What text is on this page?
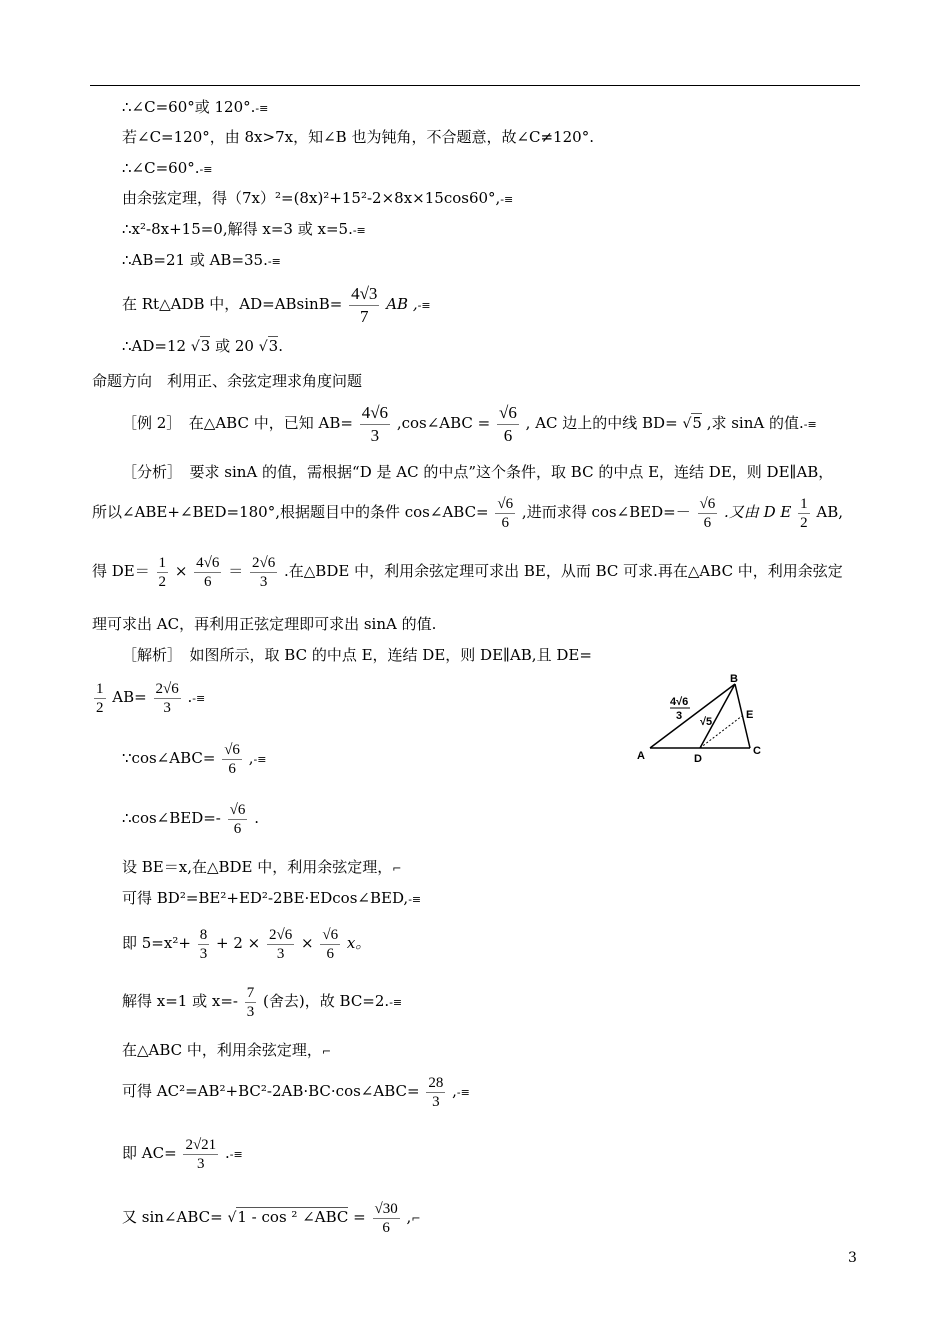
∴∠C=60°或 120°.-≡
若∠C=120°，由 8x>7x，知∠B 也为钝角，不合题意，故∠C≠120°.
∴∠C=60°.-≡
由余弦定理，得（7x）²=(8x)²+15²-2×8x×15cos60°,-≡
∴x²-8x+15=0,解得 x=3 或 x=5.-≡
∴AB=21 或 AB=35.-≡
在 Rt△ADB 中，$AD=ABsinB= \frac{4√3}{7}$ AB ,-≡
∴AD=12 √3 或 20 √3.
命题方向　利用正、余弦定理求角度问题
［例 2］　在△ABC 中，已知 $AB= \frac{4√6}{3}$ ,cos∠ABC = $\frac{√6}{6}$ , AC 边上的中线 BD= √5 ,求 sinA 的值.-≡
［分析］　要求 sinA 的值，需根据“D 是 AC 的中点”这个条件，取 BC 的中点 E，连结 DE，则 DE∥AB，
所以∠ABE+∠BED=180°,根据题目中的条件 cos∠ABC= $\frac{√6}{6}$ ,进而求得 cos∠BED=－ $\frac{√6}{6}$ .又由 D E $\frac{1}{2}$ AB,
得 $DE= \frac{1}{2} \times \frac{4√6}{6} = \frac{2√6}{3}$ .在△BDE 中，利用余弦定理可求出 BE，从而 BC 可求.再在△ABC 中，利用余弦定
理可求出 AC，再利用正弦定理即可求出 sinA 的值.
［解析］　如图所示，取 BC 的中点 E，连结 DE，则 DE∥AB,且 DE=
$\frac{1}{2} AB= \frac{2√6}{3}$ .-≡
B
A	C
D
E
4√6
3 √5
∵cos∠ABC= $\frac{√6}{6}$ ,-≡
∴cos∠BED=- $\frac{√6}{6}$ .
设 BE＝x,在△BDE 中，利用余弦定理，⌐
可得 BD²=BE²+ED²-2BE·EDcos∠BED,-≡
即 $5=x^2+ \frac{8}{3} + 2 \times \frac{2√6}{3} \times \frac{√6}{6}$ x。
解得 x=1 或 $x=- \frac{7}{3}$ (舍去)，故 BC=2.-≡
在△ABC 中，利用余弦定理，⌐
可得 AC²=AB²+BC²-2AB·BC·cos∠ABC= $\frac{28}{3}$ ,-≡
即 $AC= \frac{2√21}{3}$ .-≡
又 sin∠ABC= √1 - cos ² ∠ABC = $\frac{√30}{6}$ ,⌐
3
